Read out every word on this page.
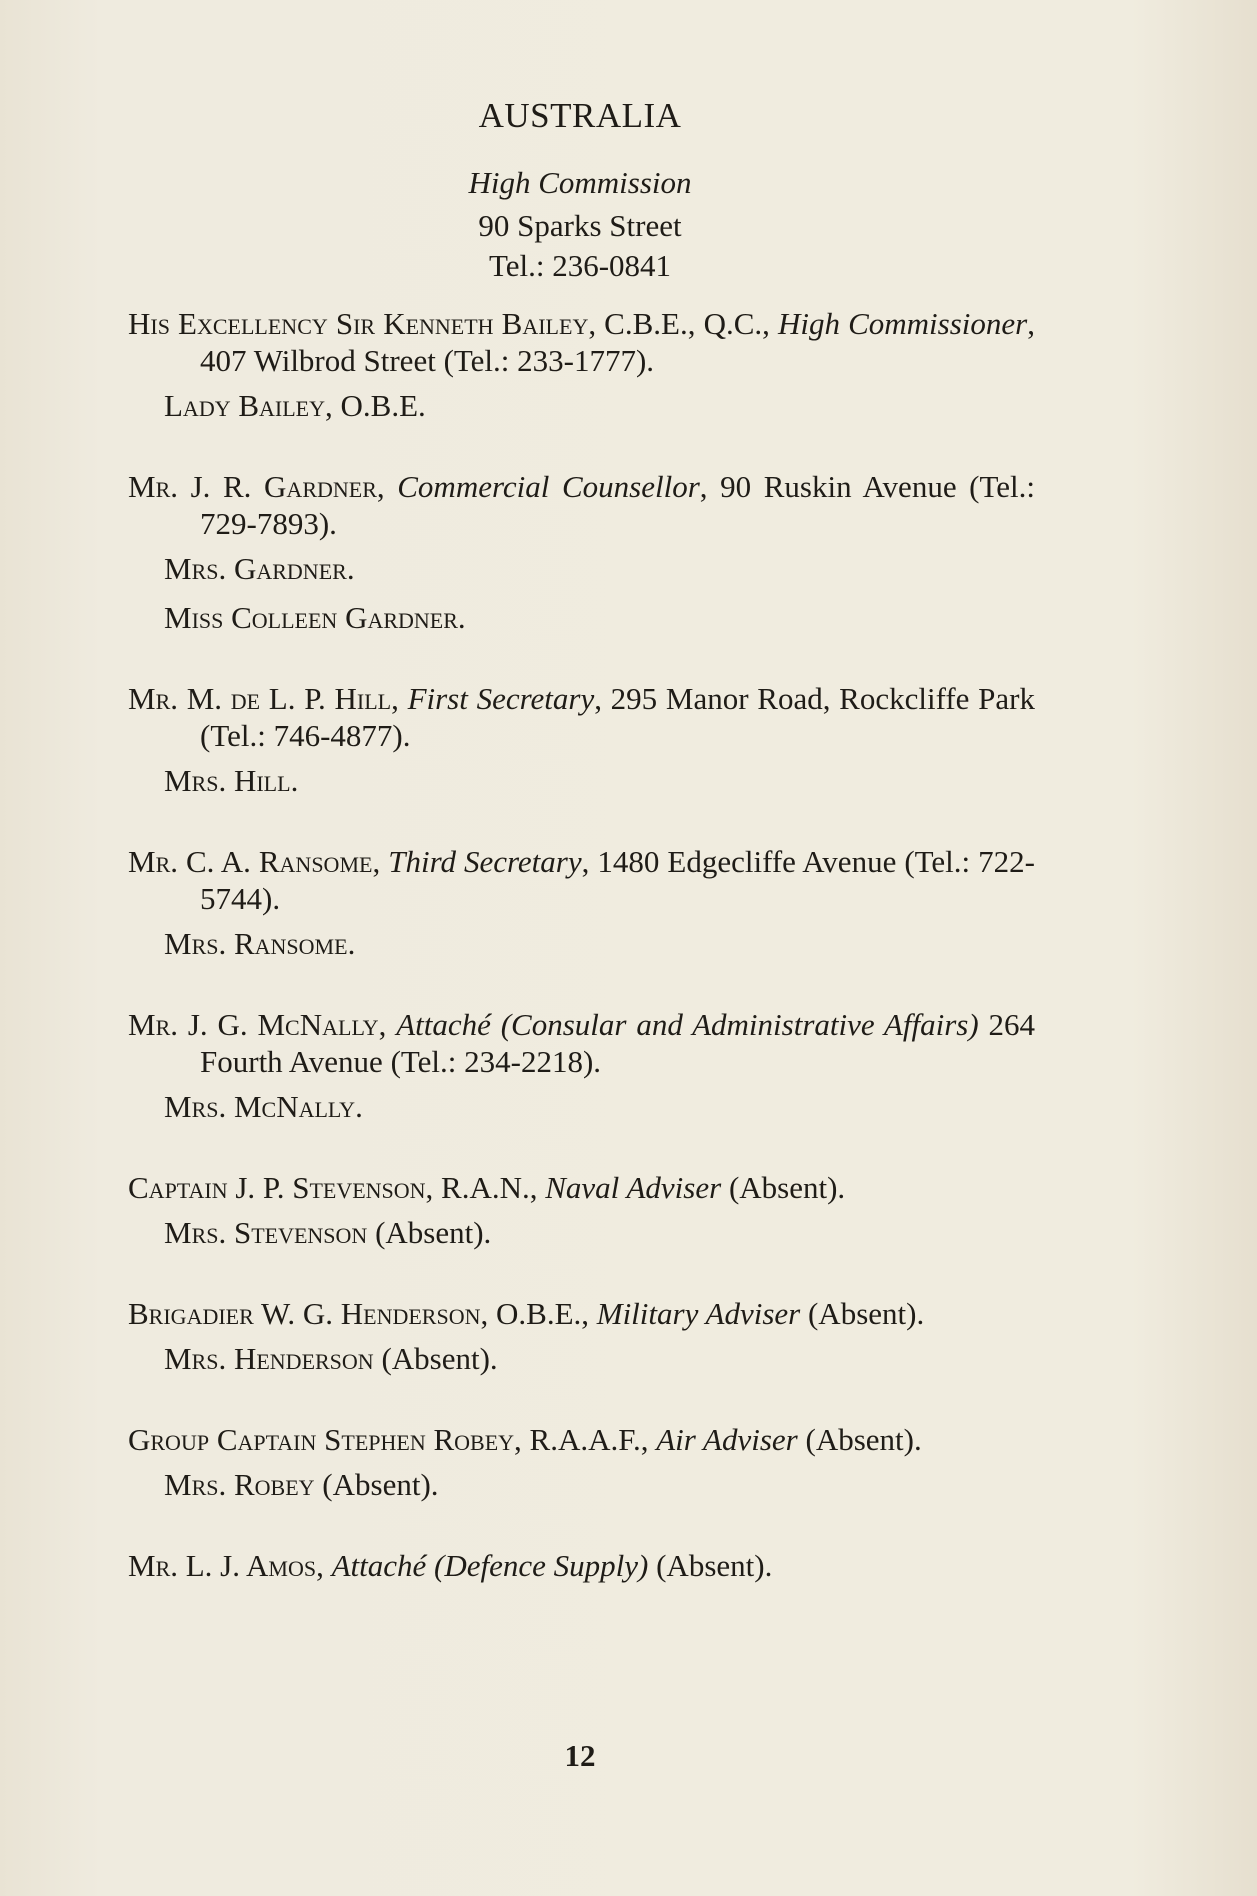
AUSTRALIA
High Commission
90 Sparks Street
Tel.: 236-0841

His Excellency Sir Kenneth Bailey, C.B.E., Q.C., High Commissioner, 407 Wilbrod Street (Tel.: 233-1777).

Lady Bailey, O.B.E.

Mr. J. R. Gardner, Commercial Counsellor, 90 Ruskin Avenue (Tel.: 729-7893).

Mrs. Gardner.

Miss Colleen Gardner.

Mr. M. de L. P. Hill, First Secretary, 295 Manor Road, Rockcliffe Park (Tel.: 746-4877).

Mrs. Hill.

Mr. C. A. Ransome, Third Secretary, 1480 Edgecliffe Avenue (Tel.: 722-5744).

Mrs. Ransome.

Mr. J. G. McNally, Attaché (Consular and Administrative Affairs) 264 Fourth Avenue (Tel.: 234-2218).

Mrs. McNally.

Captain J. P. Stevenson, R.A.N., Naval Adviser (Absent).

Mrs. Stevenson (Absent).

Brigadier W. G. Henderson, O.B.E., Military Adviser (Absent).

Mrs. Henderson (Absent).

Group Captain Stephen Robey, R.A.A.F., Air Adviser (Absent).

Mrs. Robey (Absent).

Mr. L. J. Amos, Attaché (Defence Supply) (Absent).

12
